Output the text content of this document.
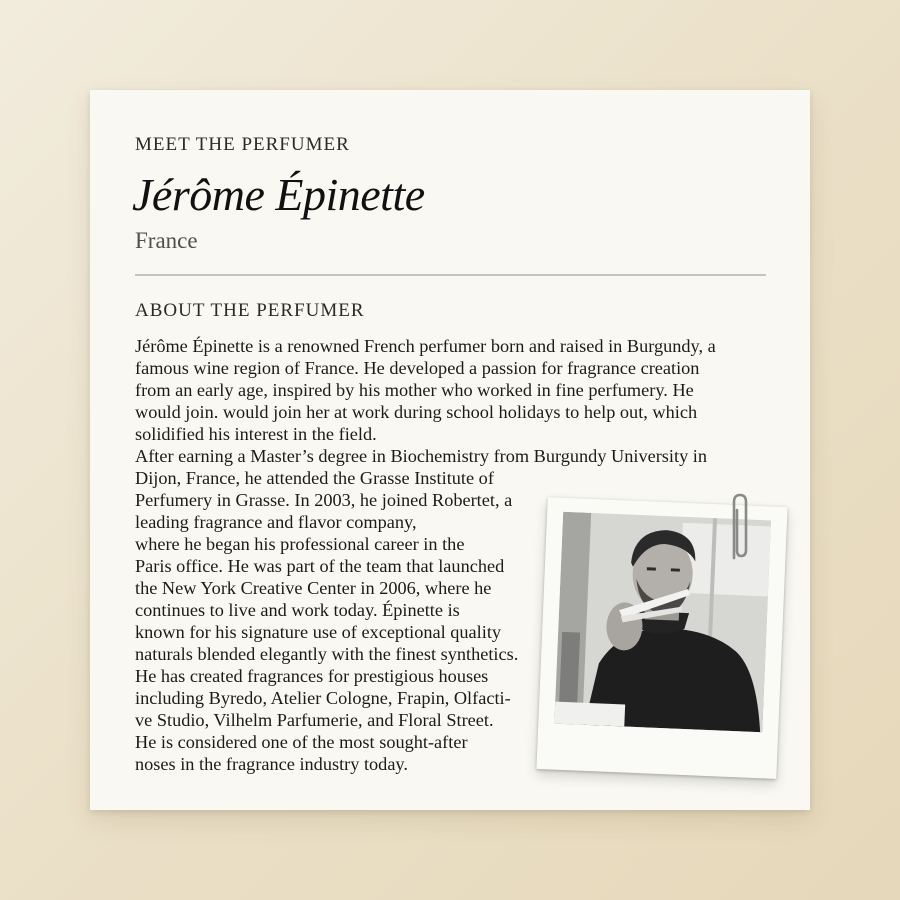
MEET THE PERFUMER
Jérôme Épinette
France
ABOUT THE PERFUMER
Jérôme Épinette is a renowned French perfumer born and raised in Burgundy, a
famous wine region of France. He developed a passion for fragrance creation
from an early age, inspired by his mother who worked in fine perfumery. He
would join. would join her at work during school holidays to help out, which
solidified his interest in the field.
After earning a Master’s degree in Biochemistry from Burgundy University in
Dijon, France, he attended the Grasse Institute of
Perfumery in Grasse. In 2003, he joined Robertet, a
leading fragrance and flavor company,
where he began his professional career in the
Paris office. He was part of the team that launched
the New York Creative Center in 2006, where he
continues to live and work today. Épinette is
known for his signature use of exceptional quality
naturals blended elegantly with the finest synthetics.
He has created fragrances for prestigious houses
including Byredo, Atelier Cologne, Frapin, Olfacti-
ve Studio, Vilhelm Parfumerie, and Floral Street.
He is considered one of the most sought-after
noses in the fragrance industry today.
